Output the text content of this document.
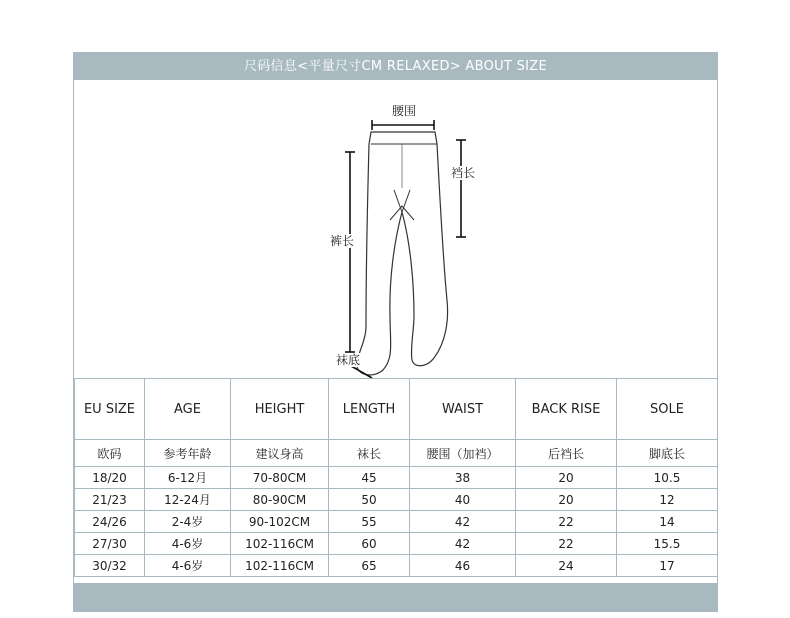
尺码信息<平量尺寸CM RELAXED> ABOUT SIZE
腰围
裆长
裤长
袜底
EU SIZE	AGE	HEIGHT	LENGTH	WAIST	BACK RISE	SOLE
欧码	参考年龄	建议身高	袜长	腰围（加裆）	后裆长	脚底长
18/20	6-12月	70-80CM	45	38	20	10.5
21/23	12-24月	80-90CM	50	40	20	12
24/26	2-4岁	90-102CM	55	42	22	14
27/30	4-6岁	102-116CM	60	42	22	15.5
30/32	4-6岁	102-116CM	65	46	24	17
